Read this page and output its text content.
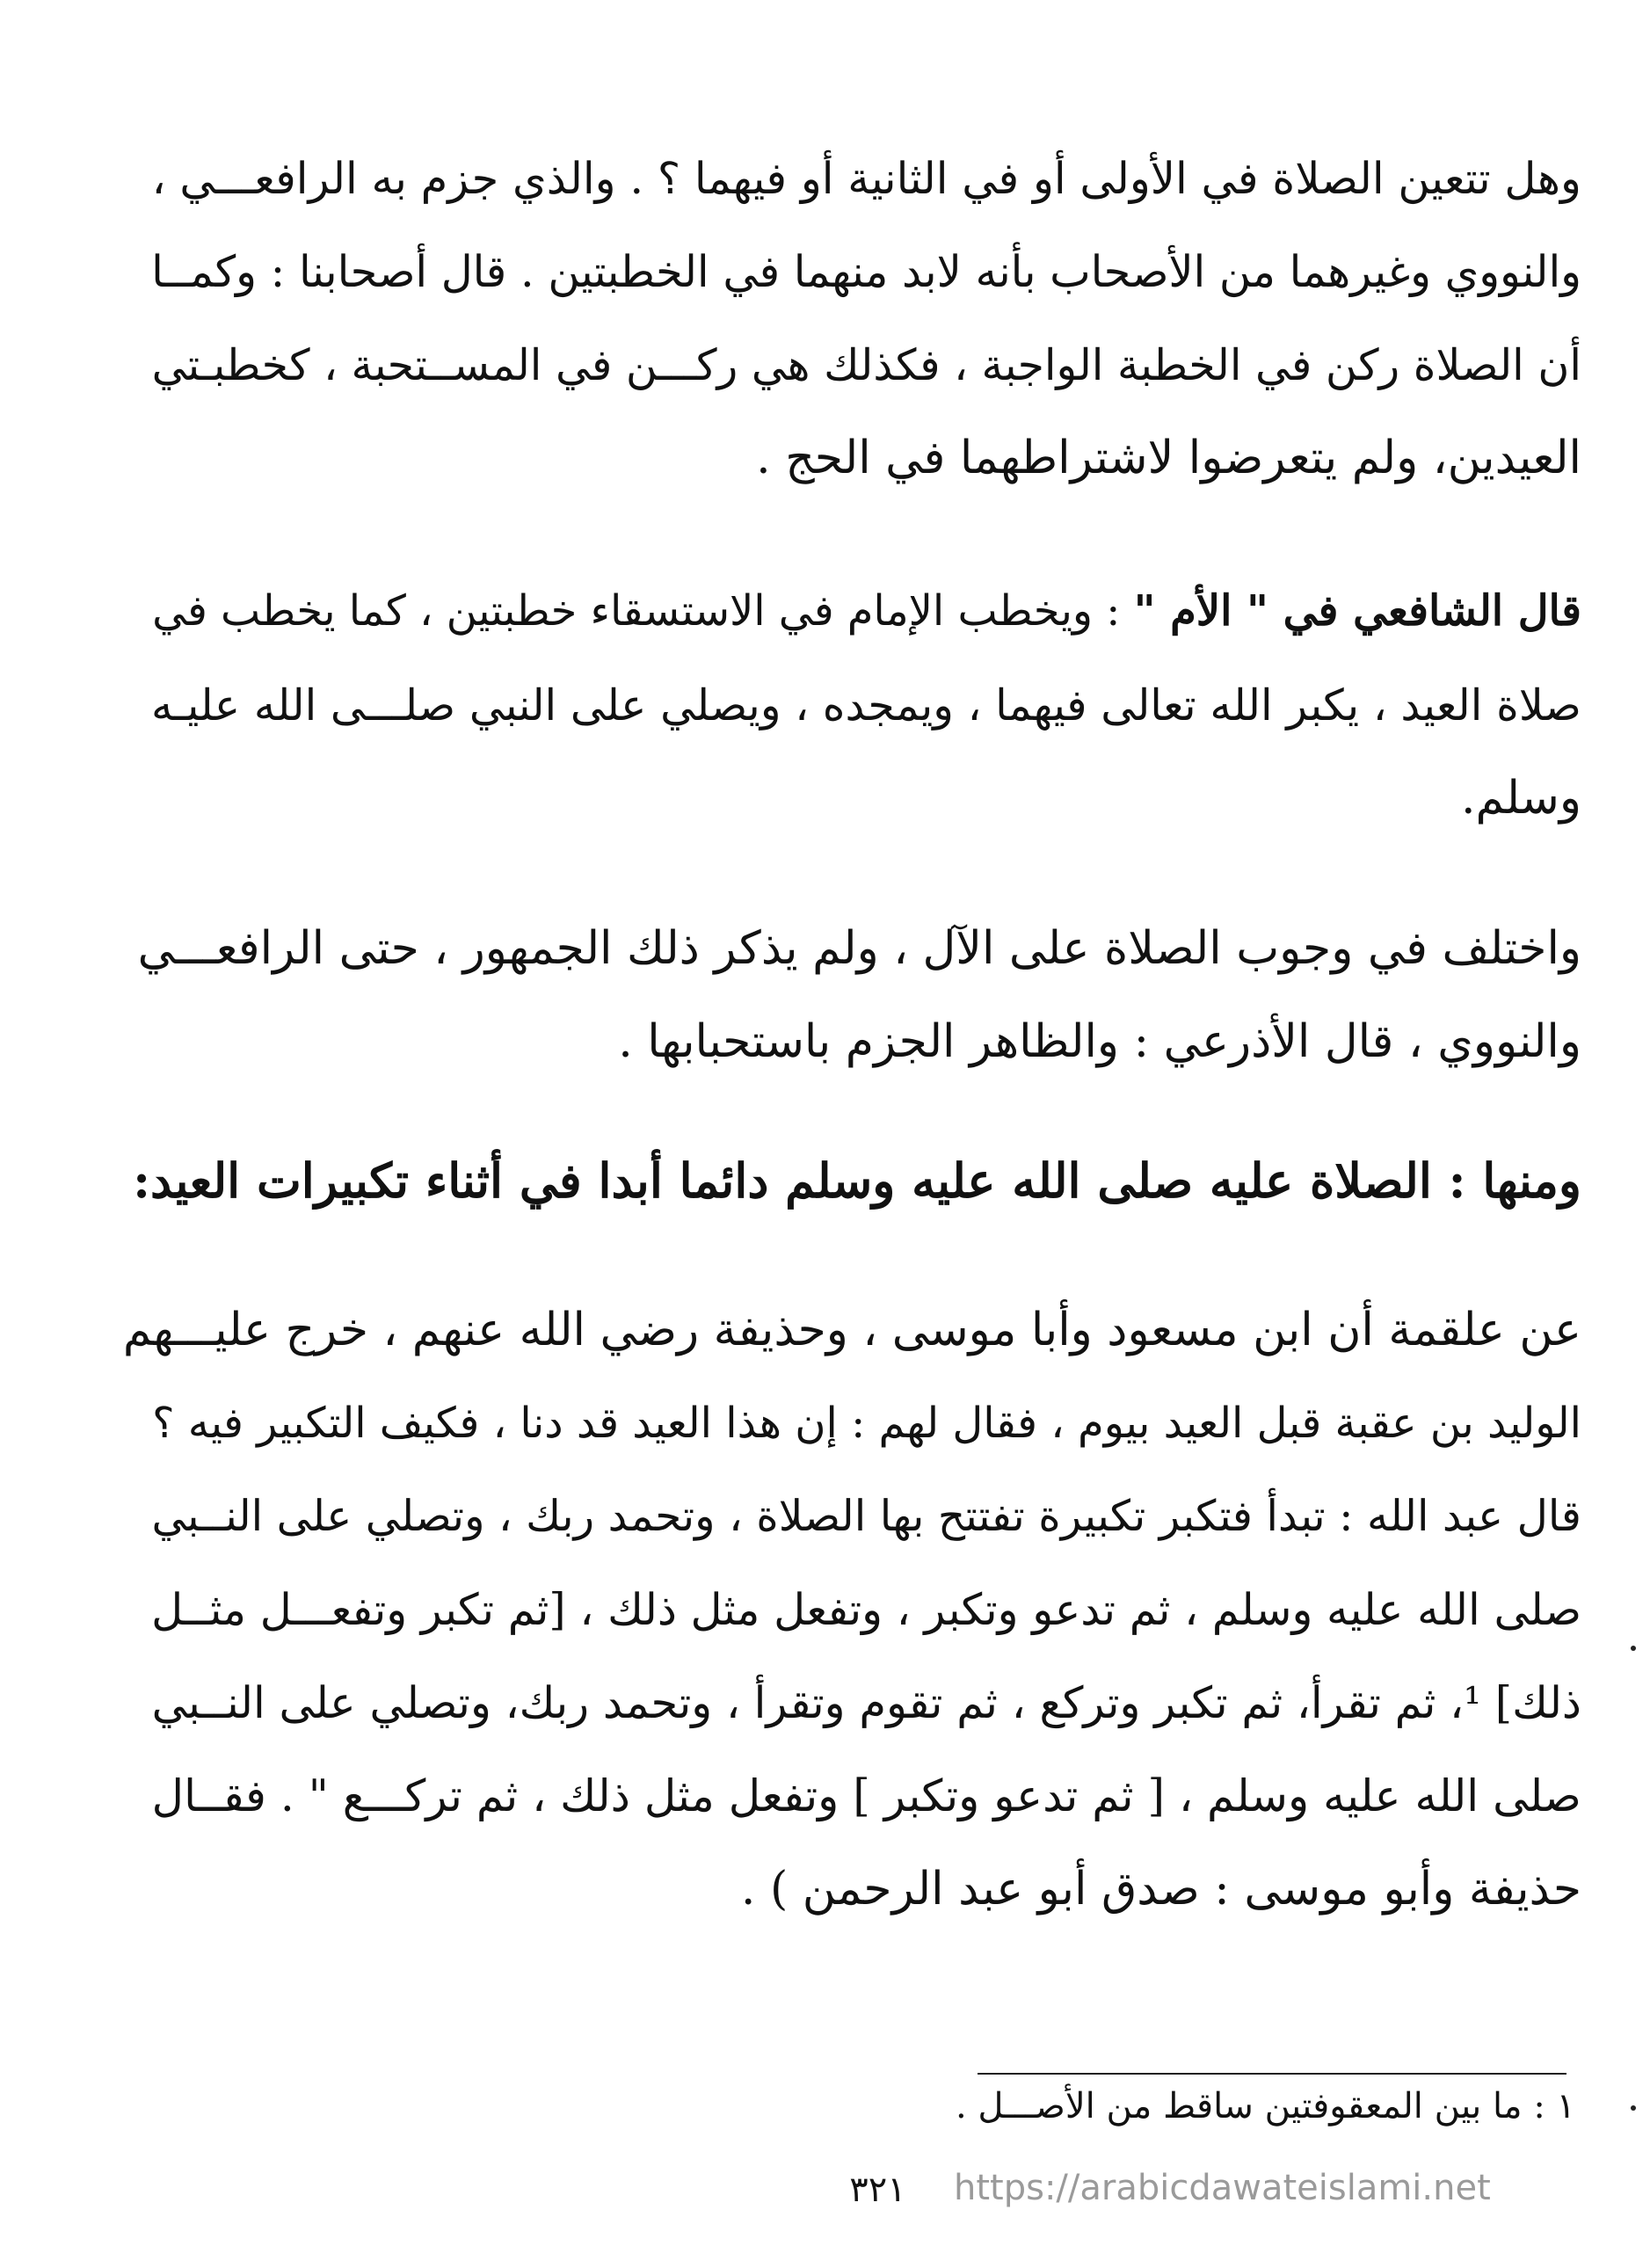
وهل تتعين الصلاة في الأولى أو في الثانية أو فيهما ؟ . والذي جزم به الرافعـــي ،
والنووي وغيرهما من الأصحاب بأنه لابد منهما في الخطبتين . قال أصحابنا : وكمــا
أن الصلاة ركن في الخطبة الواجبة ، فكذلك هي ركـــن في المســتحبة ، كخطبـتي
العيدين، ولم يتعرضوا لاشتراطهما في الحج .
قال الشافعي في " الأم " : ويخطب الإمام في الاستسقاء خطبتين ، كما يخطب في
صلاة العيد ، يكبر الله تعالى فيهما ، ويمجده ، ويصلي على النبي صلـــى الله عليـه
وسلم.
واختلف في وجوب الصلاة على الآل ، ولم يذكر ذلك الجمهور ، حتى الرافعـــي
والنووي ، قال الأذرعي : والظاهر الجزم باستحبابها .
ومنها : الصلاة عليه صلى الله عليه وسلم دائما أبدا في أثناء تكبيرات العيد:
عن علقمة أن ابن مسعود وأبا موسى ، وحذيفة رضي الله عنهم ، خرج عليـــهم
الوليد بن عقبة قبل العيد بيوم ، فقال لهم : إن هذا العيد قد دنا ، فكيف التكبير فيه ؟
قال عبد الله : تبدأ فتكبر تكبيرة تفتتح بها الصلاة ، وتحمد ربك ، وتصلي على النــبي
صلى الله عليه وسلم ، ثم تدعو وتكبر ، وتفعل مثل ذلك ، [ثم تكبر وتفعـــل مثــل
ذلك] ¹، ثم تقرأ، ثم تكبر وتركع ، ثم تقوم وتقرأ ، وتحمد ربك، وتصلي على النــبي
صلى الله عليه وسلم ، [ ثم تدعو وتكبر ] وتفعل مثل ذلك ، ثم تركـــع " . فقــال
حذيفة وأبو موسى : صدق أبو عبد الرحمن ) .
١ : ما بين المعقوفتين ساقط من الأصـــل .
٣٢١	https://arabicdawateislami.net
